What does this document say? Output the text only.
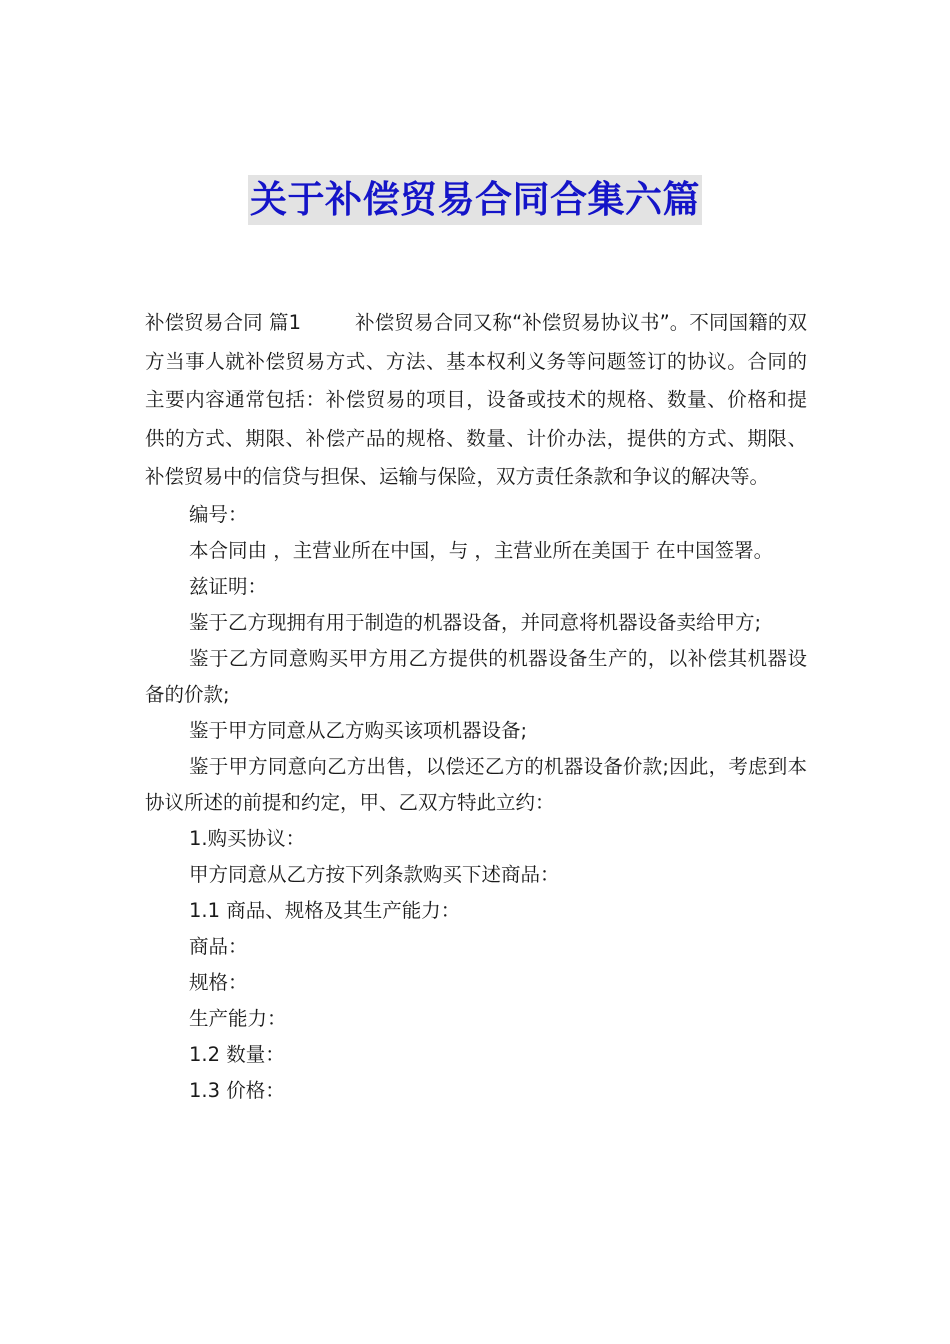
关于补偿贸易合同合集六篇

补偿贸易合同 篇1	补偿贸易合同又称“补偿贸易协议书”。不同国籍的双方当事人就补偿贸易方式、方法、基本权利义务等问题签订的协议。合同的主要内容通常包括：补偿贸易的项目，设备或技术的规格、数量、价格和提供的方式、期限、补偿产品的规格、数量、计价办法，提供的方式、期限、补偿贸易中的信贷与担保、运输与保险，双方责任条款和争议的解决等。

编号：

本合同由 ，主营业所在中国，与 ，主营业所在美国于 在中国签署。

兹证明：

鉴于乙方现拥有用于制造的机器设备，并同意将机器设备卖给甲方;

鉴于乙方同意购买甲方用乙方提供的机器设备生产的，以补偿其机器设备的价款;

鉴于甲方同意从乙方购买该项机器设备;

鉴于甲方同意向乙方出售，以偿还乙方的机器设备价款;因此，考虑到本协议所述的前提和约定，甲、乙双方特此立约：

1.购买协议：

甲方同意从乙方按下列条款购买下述商品：

1.1 商品、规格及其生产能力：

商品：

规格：

生产能力：

1.2 数量：

1.3 价格：
